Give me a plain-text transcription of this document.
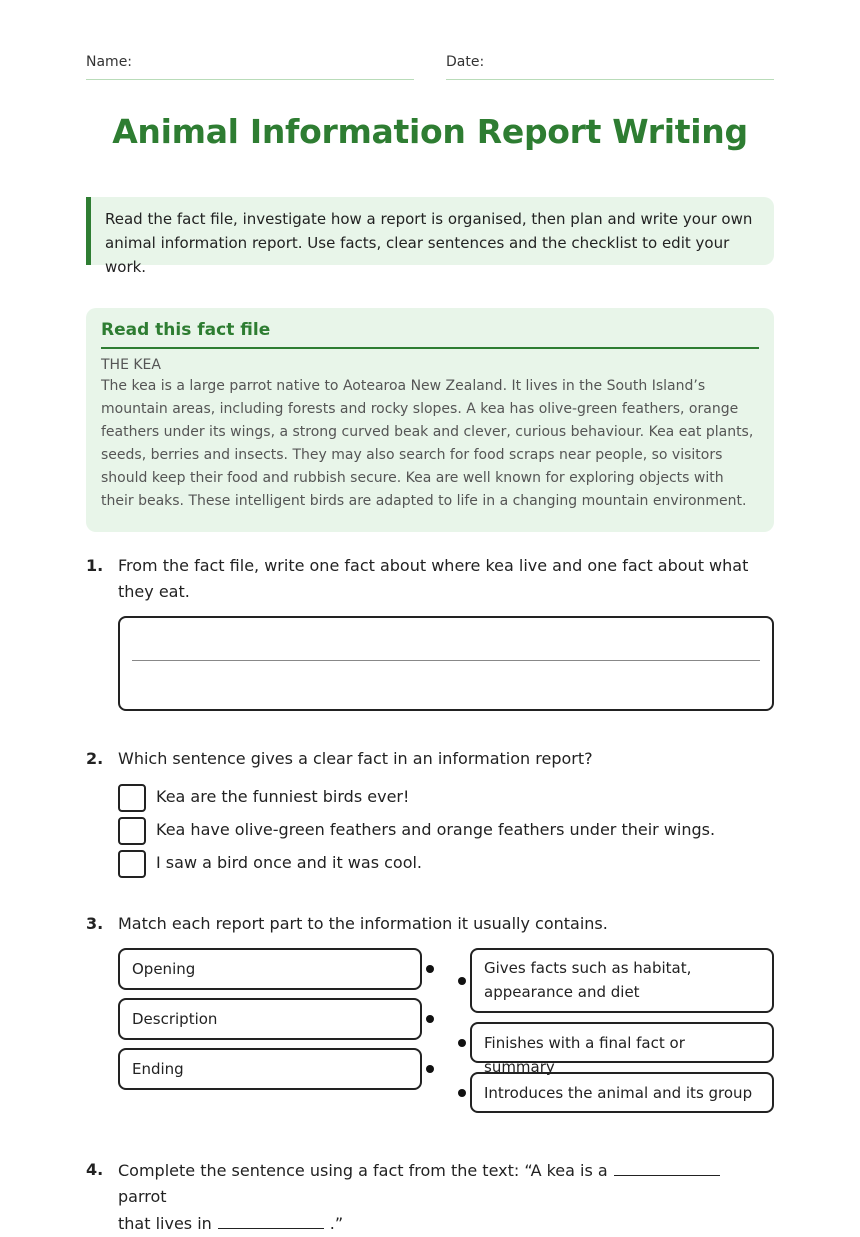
Name:	Date:
Animal Information Report Writing
Read the fact file, investigate how a report is organised, then plan and write your own animal information report. Use facts, clear sentences and the checklist to edit your work.
Read this fact file
THE KEA
The kea is a large parrot native to Aotearoa New Zealand. It lives in the South Island’s mountain areas, including forests and rocky slopes. A kea has olive-green feathers, orange feathers under its wings, a strong curved beak and clever, curious behaviour. Kea eat plants, seeds, berries and insects. They may also search for food scraps near people, so visitors should keep their food and rubbish secure. Kea are well known for exploring objects with their beaks. These intelligent birds are adapted to life in a changing mountain environment.
1. From the fact file, write one fact about where kea live and one fact about what they eat.
2. Which sentence gives a clear fact in an information report?
Kea are the funniest birds ever!
Kea have olive-green feathers and orange feathers under their wings.
I saw a bird once and it was cool.
3. Match each report part to the information it usually contains.
Opening
Description
Ending
Gives facts such as habitat, appearance and diet
Finishes with a final fact or summary
Introduces the animal and its group
4. Complete the sentence using a fact from the text: “A kea is aparrot
that lives in	.”
